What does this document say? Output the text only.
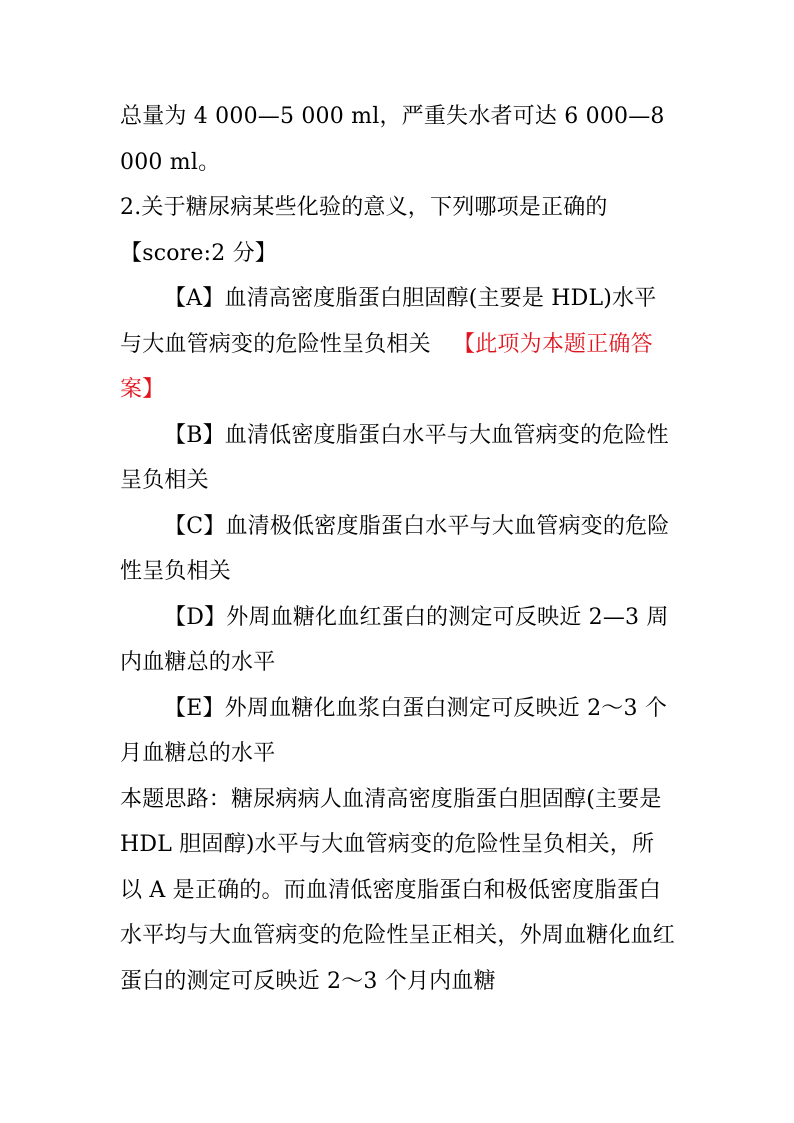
总量为 4 000—5 000 ml，严重失水者可达 6 000—8 000 ml。

2.关于糖尿病某些化验的意义，下列哪项是正确的
【score:2 分】

【A】血清高密度脂蛋白胆固醇(主要是 HDL)水平与大血管病变的危险性呈负相关  【此项为本题正确答案】

【B】血清低密度脂蛋白水平与大血管病变的危险性呈负相关

【C】血清极低密度脂蛋白水平与大血管病变的危险性呈负相关

【D】外周血糖化血红蛋白的测定可反映近 2—3 周内血糖总的水平

【E】外周血糖化血浆白蛋白测定可反映近 2～3 个月血糖总的水平

本题思路：糖尿病病人血清高密度脂蛋白胆固醇(主要是 HDL 胆固醇)水平与大血管病变的危险性呈负相关，所以 A 是正确的。而血清低密度脂蛋白和极低密度脂蛋白水平均与大血管病变的危险性呈正相关，外周血糖化血红蛋白的测定可反映近 2～3 个月内血糖
